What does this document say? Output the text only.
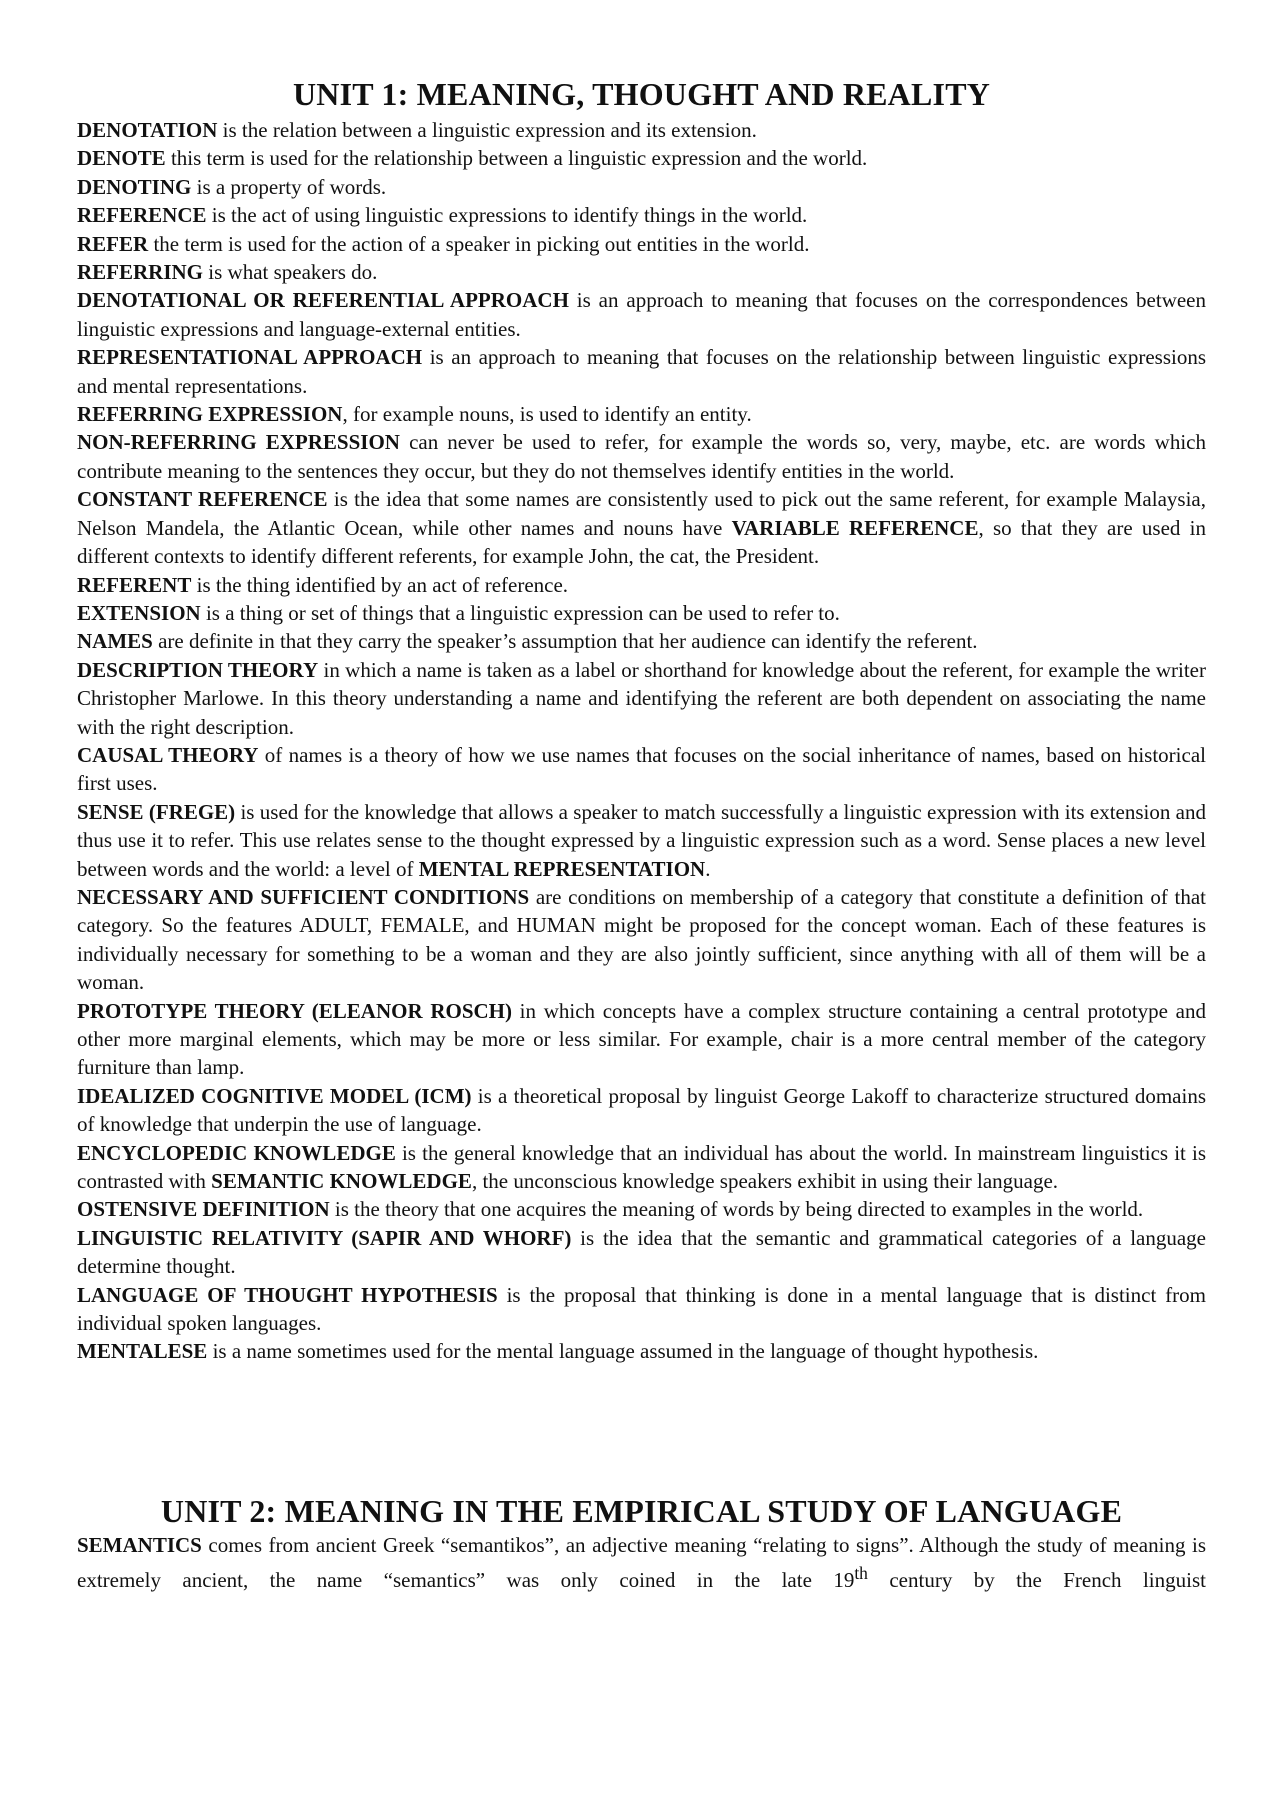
UNIT 1: MEANING, THOUGHT AND REALITY

DENOTATION is the relation between a linguistic expression and its extension.

DENOTE this term is used for the relationship between a linguistic expression and the world.

DENOTING is a property of words.

REFERENCE is the act of using linguistic expressions to identify things in the world.

REFER the term is used for the action of a speaker in picking out entities in the world.

REFERRING is what speakers do.

DENOTATIONAL OR REFERENTIAL APPROACH is an approach to meaning that focuses on the correspondences between linguistic expressions and language-external entities.

REPRESENTATIONAL APPROACH is an approach to meaning that focuses on the relationship between linguistic expressions and mental representations.

REFERRING EXPRESSION, for example nouns, is used to identify an entity.

NON-REFERRING EXPRESSION can never be used to refer, for example the words so, very, maybe, etc. are words which contribute meaning to the sentences they occur, but they do not themselves identify entities in the world.

CONSTANT REFERENCE is the idea that some names are consistently used to pick out the same referent, for example Malaysia, Nelson Mandela, the Atlantic Ocean, while other names and nouns have VARIABLE REFERENCE, so that they are used in different contexts to identify different referents, for example John, the cat, the President.

REFERENT is the thing identified by an act of reference.

EXTENSION is a thing or set of things that a linguistic expression can be used to refer to.

NAMES are definite in that they carry the speaker’s assumption that her audience can identify the referent.

DESCRIPTION THEORY in which a name is taken as a label or shorthand for knowledge about the referent, for example the writer Christopher Marlowe. In this theory understanding a name and identifying the referent are both dependent on associating the name with the right description.

CAUSAL THEORY of names is a theory of how we use names that focuses on the social inheritance of names, based on historical first uses.

SENSE (FREGE) is used for the knowledge that allows a speaker to match successfully a linguistic expression with its extension and thus use it to refer. This use relates sense to the thought expressed by a linguistic expression such as a word. Sense places a new level between words and the world: a level of MENTAL REPRESENTATION.

NECESSARY AND SUFFICIENT CONDITIONS are conditions on membership of a category that constitute a definition of that category. So the features ADULT, FEMALE, and HUMAN might be proposed for the concept woman. Each of these features is individually necessary for something to be a woman and they are also jointly sufficient, since anything with all of them will be a woman.

PROTOTYPE THEORY (ELEANOR ROSCH) in which concepts have a complex structure containing a central prototype and other more marginal elements, which may be more or less similar. For example, chair is a more central member of the category furniture than lamp.

IDEALIZED COGNITIVE MODEL (ICM) is a theoretical proposal by linguist George Lakoff to characterize structured domains of knowledge that underpin the use of language.

ENCYCLOPEDIC KNOWLEDGE is the general knowledge that an individual has about the world. In mainstream linguistics it is contrasted with SEMANTIC KNOWLEDGE, the unconscious knowledge speakers exhibit in using their language.

OSTENSIVE DEFINITION is the theory that one acquires the meaning of words by being directed to examples in the world.

LINGUISTIC RELATIVITY (SAPIR AND WHORF) is the idea that the semantic and grammatical categories of a language determine thought.

LANGUAGE OF THOUGHT HYPOTHESIS is the proposal that thinking is done in a mental language that is distinct from individual spoken languages.

MENTALESE is a name sometimes used for the mental language assumed in the language of thought hypothesis.

UNIT 2: MEANING IN THE EMPIRICAL STUDY OF LANGUAGE

SEMANTICS comes from ancient Greek “semantikos”, an adjective meaning “relating to signs”. Although the study of meaning is extremely ancient, the name “semantics” was only coined in the late 19th century by the French linguist
